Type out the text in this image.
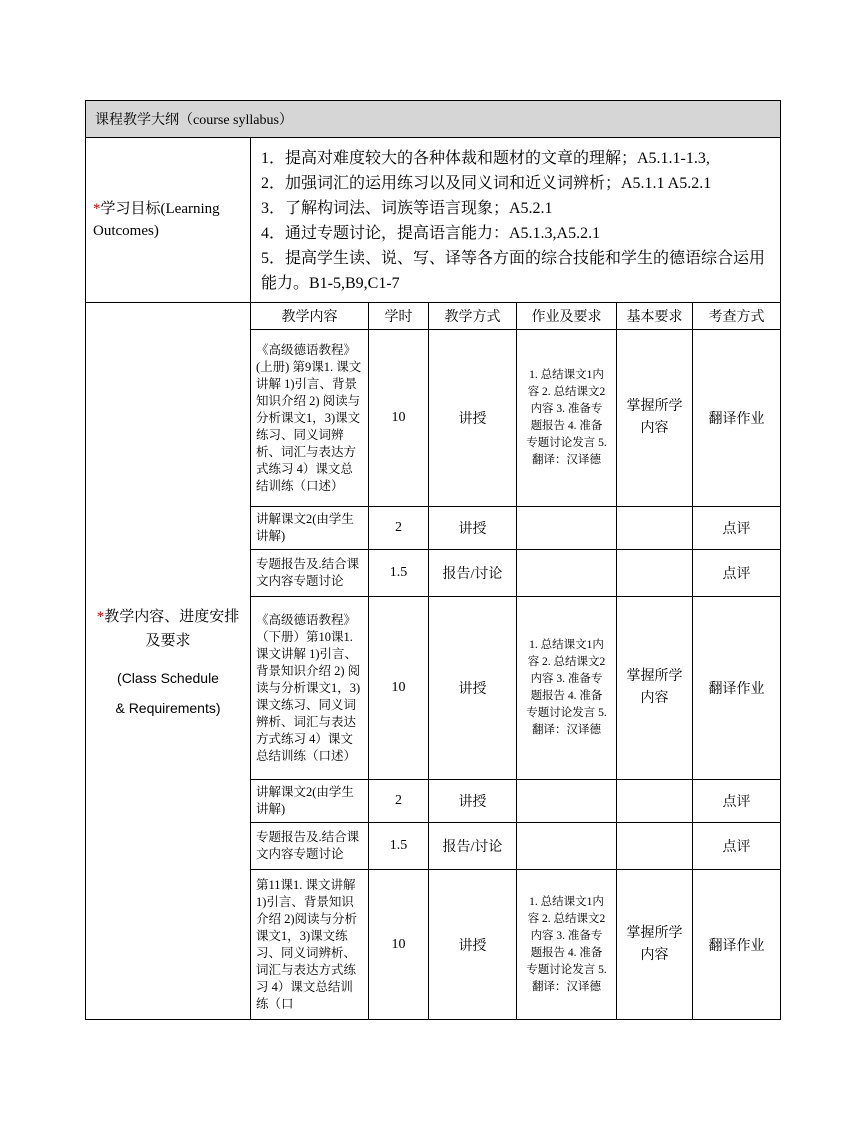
课程教学大纲（course syllabus）						
*学习目标(Learning Outcomes)	1．提高对难度较大的各种体裁和题材的文章的理解；A5.1.1-1.3,
2．加强词汇的运用练习以及同义词和近义词辨析；A5.1.1 A5.2.1
3．了解构词法、词族等语言现象；A5.2.1
4．通过专题讨论，提高语言能力：A5.1.3,A5.2.1
5．提高学生读、说、写、译等各方面的综合技能和学生的德语综合运用能力。B1-5,B9,C1-7					

*教学内容、进度安排及要求
(Class Schedule
& Requirements)	教学内容	学时	教学方式	作业及要求	基本要求	考查方式
	《高级德语教程》(上册) 第9课1. 课文讲解 1)引言、背景知识介绍 2) 阅读与分析课文1，3)课文练习、同义词辨析、词汇与表达方式练习 4）课文总结训练（口述）	10	讲授	1. 总结课文1内容 2. 总结课文2 内容 3. 准备专题报告 4. 准备专题讨论发言 5. 翻译：汉译德	掌握所学内容	翻译作业
	讲解课文2(由学生讲解)	2	讲授			点评
	专题报告及.结合课文内容专题讨论	1.5	报告/讨论			点评
	《高级德语教程》（下册）第10课1. 课文讲解 1)引言、背景知识介绍 2) 阅读与分析课文1，3)课文练习、同义词辨析、词汇与表达方式练习 4）课文总结训练（口述）	10	讲授	1. 总结课文1内容 2. 总结课文2 内容 3. 准备专题报告 4. 准备专题讨论发言 5. 翻译：汉译德	掌握所学内容	翻译作业
	讲解课文2(由学生讲解)	2	讲授			点评
	专题报告及.结合课文内容专题讨论	1.5	报告/讨论			点评

	第11课1. 课文讲解 1)引言、背景知识介绍 2)阅读与分析课文1，3)课文练习、同义词辨析、词汇与表达方式练习 4）课文总结训练（口	10	讲授	1. 总结课文1内容 2. 总结课文2 内容 3. 准备专题报告 4. 准备专题讨论发言 5. 翻译：汉译德	掌握所学内容	翻译作业
